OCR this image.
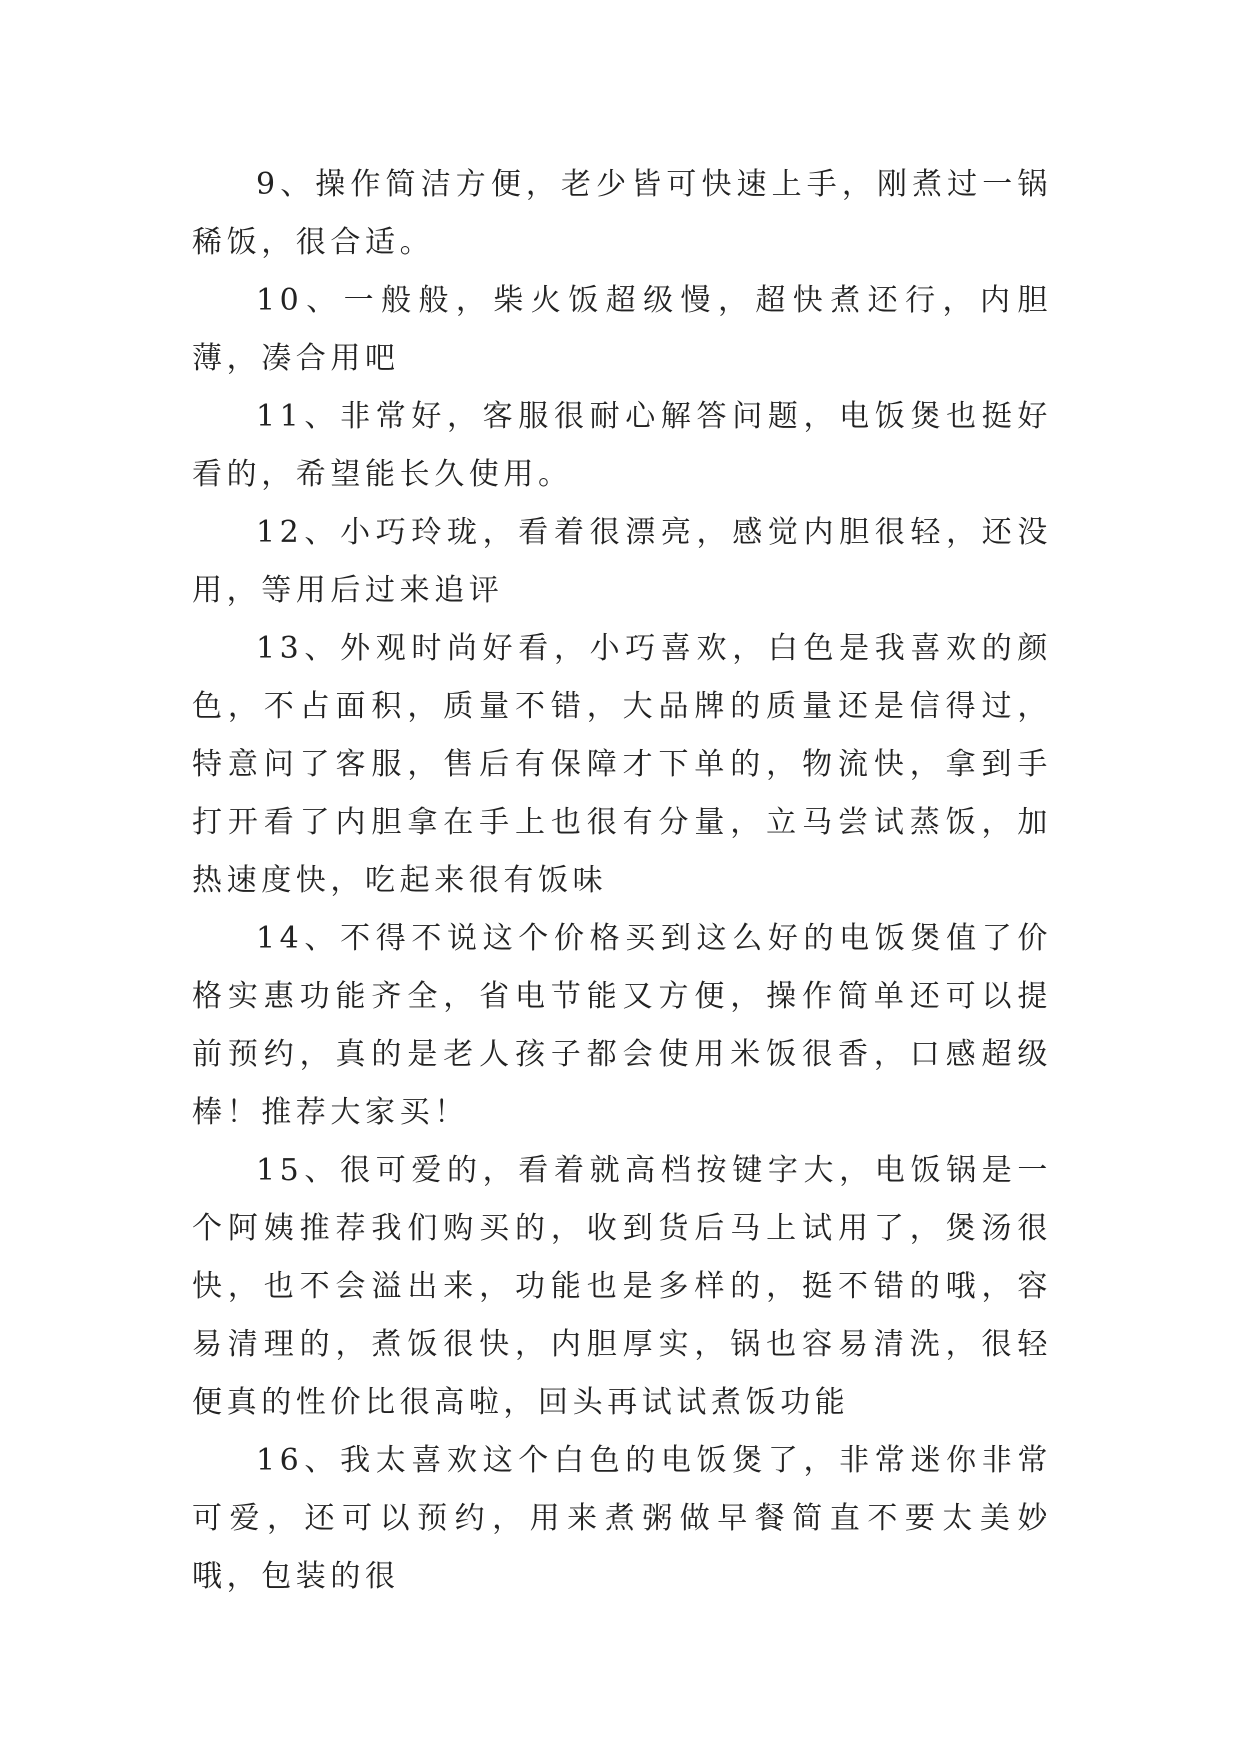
9、操作简洁方便，老少皆可快速上手，刚煮过一锅稀饭，很合适。

10、一般般，柴火饭超级慢，超快煮还行，内胆薄，凑合用吧

11、非常好，客服很耐心解答问题，电饭煲也挺好看的，希望能长久使用。

12、小巧玲珑，看着很漂亮，感觉内胆很轻，还没用，等用后过来追评

13、外观时尚好看，小巧喜欢，白色是我喜欢的颜色，不占面积，质量不错，大品牌的质量还是信得过，特意问了客服，售后有保障才下单的，物流快，拿到手打开看了内胆拿在手上也很有分量，立马尝试蒸饭，加热速度快，吃起来很有饭味

14、不得不说这个价格买到这么好的电饭煲值了价格实惠功能齐全，省电节能又方便，操作简单还可以提前预约，真的是老人孩子都会使用米饭很香，口感超级棒！推荐大家买！

15、很可爱的，看着就高档按键字大，电饭锅是一个阿姨推荐我们购买的，收到货后马上试用了，煲汤很快，也不会溢出来，功能也是多样的，挺不错的哦，容易清理的，煮饭很快，内胆厚实，锅也容易清洗，很轻便真的性价比很高啦，回头再试试煮饭功能

16、我太喜欢这个白色的电饭煲了，非常迷你非常可爱，还可以预约，用来煮粥做早餐简直不要太美妙哦，包装的很
